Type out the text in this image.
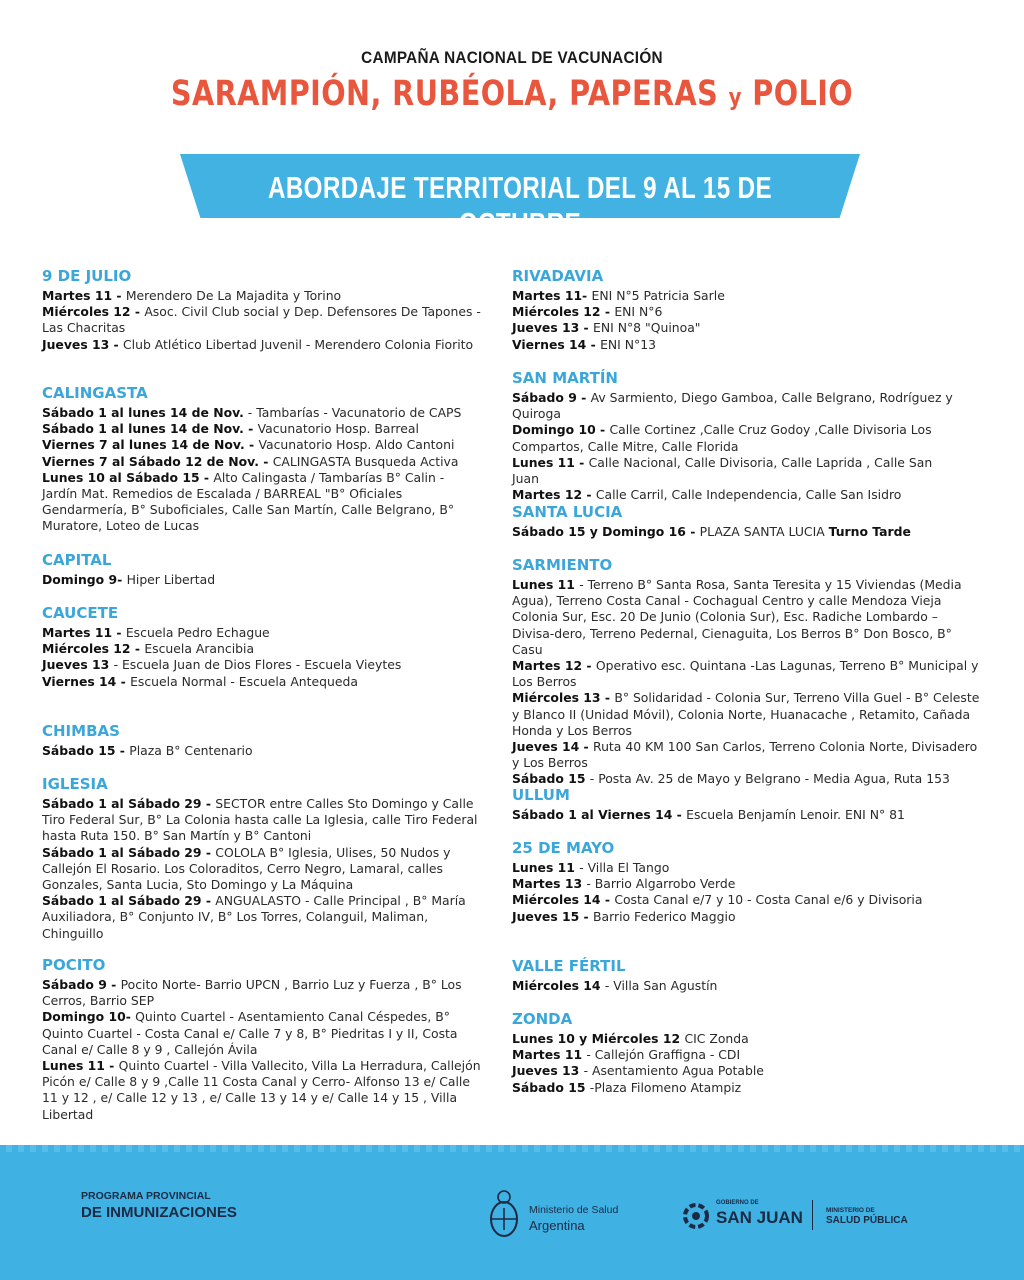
CAMPAÑA NACIONAL DE VACUNACIÓN
SARAMPIÓN, RUBÉOLA, PAPERAS y POLIO
ABORDAJE TERRITORIAL DEL 9 AL 15 DE OCTUBRE
9 DE JULIO

Martes 11 - Merendero De La Majadita y Torino
Miércoles 12 - Asoc. Civil Club social y Dep. Defensores De Tapones - Las Chacritas
Jueves 13 - Club Atlético Libertad Juvenil - Merendero Colonia Fiorito

CALINGASTA

Sábado 1 al lunes 14 de Nov. - Tambarías - Vacunatorio de CAPS
Sábado 1 al lunes 14 de Nov. - Vacunatorio Hosp. Barreal
Viernes 7 al lunes 14 de Nov. - Vacunatorio Hosp. Aldo Cantoni
Viernes 7 al Sábado 12 de Nov. - CALINGASTA Busqueda Activa
Lunes 10 al Sábado 15 - Alto Calingasta / Tambarías B° Calin - Jardín Mat. Remedios de Escalada / BARREAL "B° Oficiales Gendarmería, B° Suboficiales, Calle San Martín, Calle Belgrano, B° Muratore, Loteo de Lucas

CAPITAL

Domingo 9- Hiper Libertad

CAUCETE

Martes 11 - Escuela Pedro Echague
Miércoles 12 - Escuela Arancibia
Jueves 13 - Escuela Juan de Dios Flores - Escuela Vieytes
Viernes 14 - Escuela Normal - Escuela Antequeda

CHIMBAS

Sábado 15 - Plaza B° Centenario

IGLESIA

Sábado 1 al Sábado 29 - SECTOR entre Calles Sto Domingo y Calle Tiro Federal Sur, B° La Colonia hasta calle La Iglesia, calle Tiro Federal hasta Ruta 150. B° San Martín y B° Cantoni
Sábado 1 al Sábado 29 - COLOLA B° Iglesia, Ulises, 50 Nudos y Callejón El Rosario. Los Coloraditos, Cerro Negro, Lamaral, calles Gonzales, Santa Lucia, Sto Domingo y La Máquina
Sábado 1 al Sábado 29 - ANGUALASTO - Calle Principal , B° María Auxiliadora, B° Conjunto IV, B° Los Torres, Colanguil, Maliman, Chinguillo

POCITO

Sábado 9 - Pocito Norte- Barrio UPCN , Barrio Luz y Fuerza , B° Los Cerros, Barrio SEP
Domingo 10- Quinto Cuartel - Asentamiento Canal Céspedes, B° Quinto Cuartel - Costa Canal e/ Calle 7 y 8, B° Piedritas I y II, Costa Canal e/ Calle 8 y 9 , Callejón Ávila
Lunes 11 - Quinto Cuartel - Villa Vallecito, Villa La Herradura, Callejón Picón e/ Calle 8 y 9 ,Calle 11 Costa Canal y Cerro- Alfonso 13 e/ Calle 11 y 12 , e/ Calle 12 y 13 , e/ Calle 13 y 14 y e/ Calle 14 y 15 , Villa Libertad

RIVADAVIA

Martes 11- ENI N°5 Patricia Sarle
Miércoles 12 - ENI N°6
Jueves 13 - ENI N°8 "Quinoa"
Viernes 14 - ENI N°13

SAN MARTÍN

Sábado 9 - Av Sarmiento, Diego Gamboa, Calle Belgrano, Rodríguez y Quiroga
Domingo 10 - Calle Cortinez ,Calle Cruz Godoy ,Calle Divisoria Los Compartos, Calle Mitre, Calle Florida
Lunes 11 - Calle Nacional, Calle Divisoria, Calle Laprida , Calle San Juan
Martes 12 - Calle Carril, Calle Independencia, Calle San Isidro

SANTA LUCIA

Sábado 15 y Domingo 16 - PLAZA SANTA LUCIA Turno Tarde

SARMIENTO

Lunes 11 - Terreno B° Santa Rosa, Santa Teresita y 15 Viviendas (Media Agua), Terreno Costa Canal - Cochagual Centro y calle Mendoza Vieja Colonia Sur, Esc. 20 De Junio (Colonia Sur), Esc. Radiche Lombardo – Divisa-dero, Terreno Pedernal, Cienaguita, Los Berros B° Don Bosco, B° Casu
Martes 12 - Operativo esc. Quintana -Las Lagunas, Terreno B° Municipal y Los Berros
Miércoles 13 - B° Solidaridad - Colonia Sur, Terreno Villa Guel - B° Celeste y Blanco II (Unidad Móvil), Colonia Norte, Huanacache , Retamito, Cañada Honda y Los Berros
Jueves 14 - Ruta 40 KM 100 San Carlos, Terreno Colonia Norte, Divisadero y Los Berros
Sábado 15 - Posta Av. 25 de Mayo y Belgrano - Media Agua, Ruta 153

ULLUM

Sábado 1 al Viernes 14 - Escuela Benjamín Lenoir. ENI N° 81

25 DE MAYO

Lunes 11 - Villa El Tango
Martes 13 - Barrio Algarrobo Verde
Miércoles 14 - Costa Canal e/7 y 10 - Costa Canal e/6 y Divisoria
Jueves 15 - Barrio Federico Maggio

VALLE FÉRTIL

Miércoles 14 - Villa San Agustín

ZONDA

Lunes 10 y Miércoles 12 CIC Zonda
Martes 11 - Callejón Graffigna - CDI
Jueves 13 - Asentamiento Agua Potable
Sábado 15 -Plaza Filomeno Atampiz

PROGRAMA PROVINCIAL
DE INMUNIZACIONES	Ministerio de Salud
Argentina
GOBIERNO DE
SAN JUAN	MINISTERIO DE
SALUD PÚBLICA
